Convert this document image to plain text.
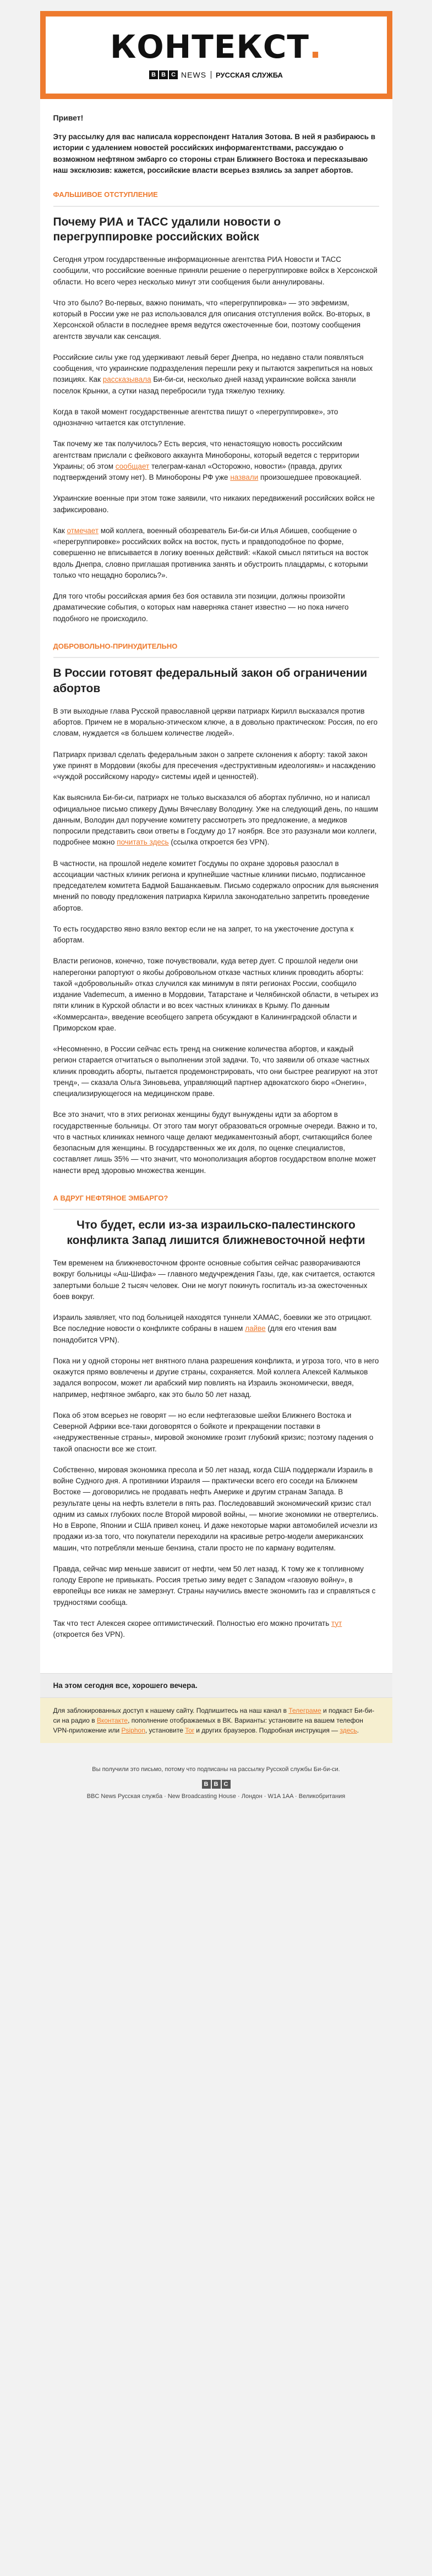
КОНТЕКСТ.
B B C NEWS РУССКАЯ СЛУЖБА
Привет!

Эту рассылку для вас написала корреспондент Наталия Зотова. В ней я разбираюсь в истории с удалением новостей российских информагентствами, рассуждаю о возможном нефтяном эмбарго со стороны стран Ближнего Востока и пересказываю наш эксклюзив: кажется, российские власти всерьез взялись за запрет абортов.

ФАЛЬШИВОЕ ОТСТУПЛЕНИЕ
Почему РИА и ТАСС удалили новости о перегруппировке российских войск

Сегодня утром государственные информационные агентства РИА Новости и ТАСС сообщили, что российские военные приняли решение о перегруппировке войск в Херсонской области. Но всего через несколько минут эти сообщения были аннулированы.

Что это было? Во-первых, важно понимать, что «перегруппировка» — это эвфемизм, который в России уже не раз использовался для описания отступления войск. Во-вторых, в Херсонской области в последнее время ведутся ожесточенные бои, поэтому сообщения агентств звучали как сенсация.

Российские силы уже год удерживают левый берег Днепра, но недавно стали появляться сообщения, что украинские подразделения перешли реку и пытаются закрепиться на новых позициях. Как рассказывала Би-би-си, несколько дней назад украинские войска заняли поселок Крынки, а сутки назад перебросили туда тяжелую технику.

Когда в такой момент государственные агентства пишут о «перегруппировке», это однозначно читается как отступление.

Так почему же так получилось? Есть версия, что ненастоящую новость российским агентствам прислали с фейкового аккаунта Минобороны, который ведется с территории Украины; об этом сообщает телеграм-канал «Осторожно, новости» (правда, других подтверждений этому нет). В Минобороны РФ уже назвали произошедшее провокацией.

Украинские военные при этом тоже заявили, что никаких передвижений российских войск не зафиксировано.

Как отмечает мой коллега, военный обозреватель Би-би-си Илья Абишев, сообщение о «перегруппировке» российских войск на восток, пусть и правдоподобное по форме, совершенно не вписывается в логику военных действий: «Какой смысл пятиться на восток вдоль Днепра, словно приглашая противника занять и обустроить плацдармы, с которыми только что нещадно боролись?».

Для того чтобы российская армия без боя оставила эти позиции, должны произойти драматические события, о которых нам наверняка станет известно — но пока ничего подобного не происходило.

ДОБРОВОЛЬНО-ПРИНУДИТЕЛЬНО
В России готовят федеральный закон об ограничении абортов

В эти выходные глава Русской православной церкви патриарх Кирилл высказался против абортов. Причем не в морально-этическом ключе, а в довольно практическом: Россия, по его словам, нуждается «в большем количестве людей».

Патриарх призвал сделать федеральным закон о запрете склонения к аборту: такой закон уже принят в Мордовии (якобы для пресечения «деструктивным идеологиям» и насаждению «чуждой российскому народу» системы идей и ценностей).

Как выяснила Би-би-си, патриарх не только высказался об абортах публично, но и написал официальное письмо спикеру Думы Вячеславу Володину. Уже на следующий день, по нашим данным, Володин дал поручение комитету рассмотреть это предложение, а медиков попросили представить свои ответы в Госдуму до 17 ноября. Все это разузнали мои коллеги, подробнее можно почитать здесь (ссылка откроется без VPN).

В частности, на прошлой неделе комитет Госдумы по охране здоровья разослал в ассоциации частных клиник региона и крупнейшие частные клиники письмо, подписанное председателем комитета Бадмой Башанкаевым. Письмо содержало опросник для выяснения мнений по поводу предложения патриарха Кирилла законодательно запретить проведение абортов.

То есть государство явно взяло вектор если не на запрет, то на ужесточение доступа к абортам.

Власти регионов, конечно, тоже почувствовали, куда ветер дует. С прошлой недели они наперегонки рапортуют о якобы добровольном отказе частных клиник проводить аборты: такой «добровольный» отказ случился как минимум в пяти регионах России, сообщило издание Vademecum, а именно в Мордовии, Татарстане и Челябинской области, в четырех из пяти клиник в Курской области и во всех частных клиниках в Крыму. По данным «Коммерсанта», введение всеобщего запрета обсуждают в Калининградской области и Приморском крае.

«Несомненно, в России сейчас есть тренд на снижение количества абортов, и каждый регион старается отчитаться о выполнении этой задачи. То, что заявили об отказе частных клиник проводить аборты, пытается продемонстрировать, что они быстрее реагируют на этот тренд», — сказала Ольга Зиновьева, управляющий партнер адвокатского бюро «Онегин», специализирующегося на медицинском праве.

Все это значит, что в этих регионах женщины будут вынуждены идти за абортом в государственные больницы. От этого там могут образоваться огромные очереди. Важно и то, что в частных клиниках немного чаще делают медикаментозный аборт, считающийся более безопасным для женщины. В государственных же их доля, по оценке специалистов, составляет лишь 35% — что значит, что монополизация абортов государством вполне может нанести вред здоровью множества женщин.

А ВДРУГ НЕФТЯНОЕ ЭМБАРГО?
Что будет, если из-за израильско-палестинского конфликта Запад лишится ближневосточной нефти

Тем временем на ближневосточном фронте основные события сейчас разворачиваются вокруг больницы «Аш-Шифа» — главного медучреждения Газы, где, как считается, остаются запертыми больше 2 тысяч человек. Они не могут покинуть госпиталь из-за ожесточенных боев вокруг.

Израиль заявляет, что под больницей находятся туннели ХАМАС, боевики же это отрицают. Все последние новости о конфликте собраны в нашем лайве (для его чтения вам понадобится VPN).

Пока ни у одной стороны нет внятного плана разрешения конфликта, и угроза того, что в него окажутся прямо вовлечены и другие страны, сохраняется. Мой коллега Алексей Калмыков задался вопросом, может ли арабский мир повлиять на Израиль экономически, введя, например, нефтяное эмбарго, как это было 50 лет назад.

Пока об этом всерьез не говорят — но если нефтегазовые шейхи Ближнего Востока и Северной Африки все-таки договорятся о бойкоте и прекращении поставки в «недружественные страны», мировой экономике грозит глубокий кризис; поэтому падения о такой опасности все же стоит.

Собственно, мировая экономика пресола и 50 лет назад, когда США поддержали Израиль в войне Судного дня. А противники Израиля — практически всего его соседи на Ближнем Востоке — договорились не продавать нефть Америке и другим странам Запада. В результате цены на нефть взлетели в пять раз. Последовавший экономический кризис стал одним из самых глубоких после Второй мировой войны, — многие экономики не отвертелись. Но в Европе, Японии и США привел конец. И даже некоторые марки автомобилей исчезли из продажи из-за того, что покупатели переходили на красивые ретро-модели американских машин, что потребляли меньше бензина, стали просто не по карману водителям.

Правда, сейчас мир меньше зависит от нефти, чем 50 лет назад. К тому же к топливному голоду Европе не привыкать. Россия третью зиму ведет с Западом «газовую войну», в европейцы все никак не замерзнут. Страны научились вместе экономить газ и справляться с трудностями сообща.

Так что тест Алексея скорее оптимистический. Полностью его можно прочитать тут (откроется без VPN).

На этом сегодня все, хорошего вечера.
Для заблокированных доступ к нашему сайту. Подпишитесь на наш канал в Телеграме и подкаст Би-би-си на радио в Вконтакте, пополнение отображаемых в ВК. Варианты: установите на вашем телефон VPN-приложение или Psiphon, установите Tor и других браузеров. Подробная инструкция — здесь.
Вы получили это письмо, потому что подписаны на рассылку Русской службы Би-би-си.
B B C
BBC News Русская служба · New Broadcasting House · Лондон · W1A 1AA · Великобритания
